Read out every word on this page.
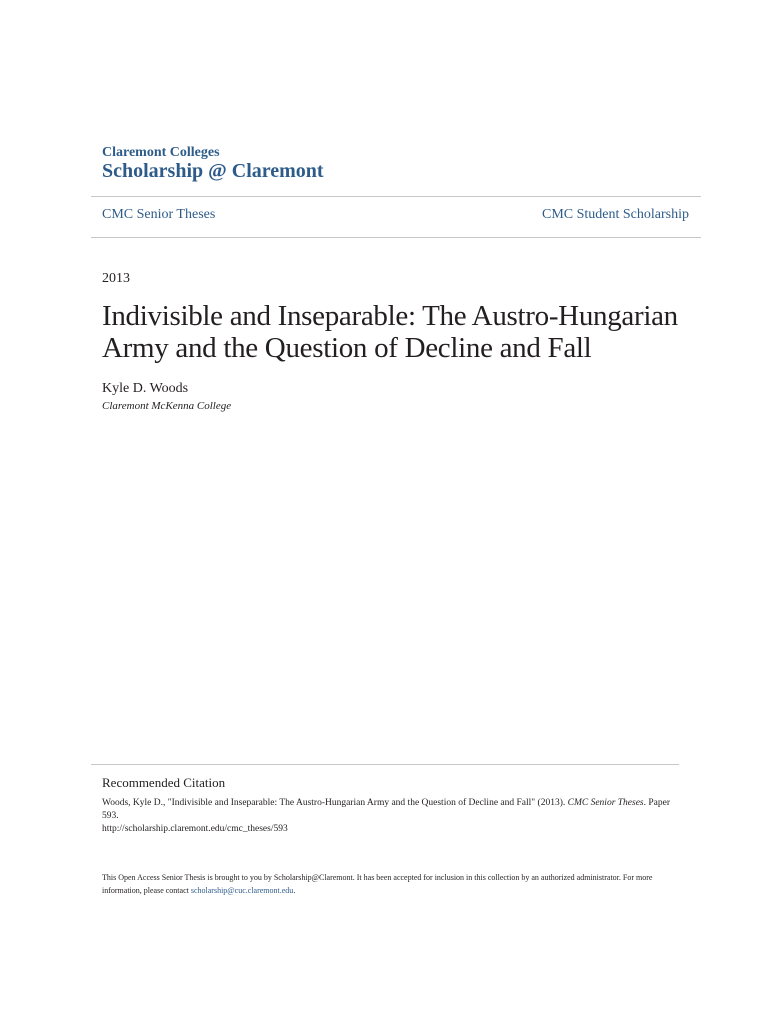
Claremont Colleges
Scholarship @ Claremont
CMC Senior Theses	CMC Student Scholarship
2013
Indivisible and Inseparable: The Austro-Hungarian Army and the Question of Decline and Fall
Kyle D. Woods
Claremont McKenna College
Recommended Citation
Woods, Kyle D., "Indivisible and Inseparable: The Austro-Hungarian Army and the Question of Decline and Fall" (2013). CMC Senior Theses. Paper 593.
http://scholarship.claremont.edu/cmc_theses/593
This Open Access Senior Thesis is brought to you by Scholarship@Claremont. It has been accepted for inclusion in this collection by an authorized administrator. For more information, please contact scholarship@cuc.claremont.edu.
